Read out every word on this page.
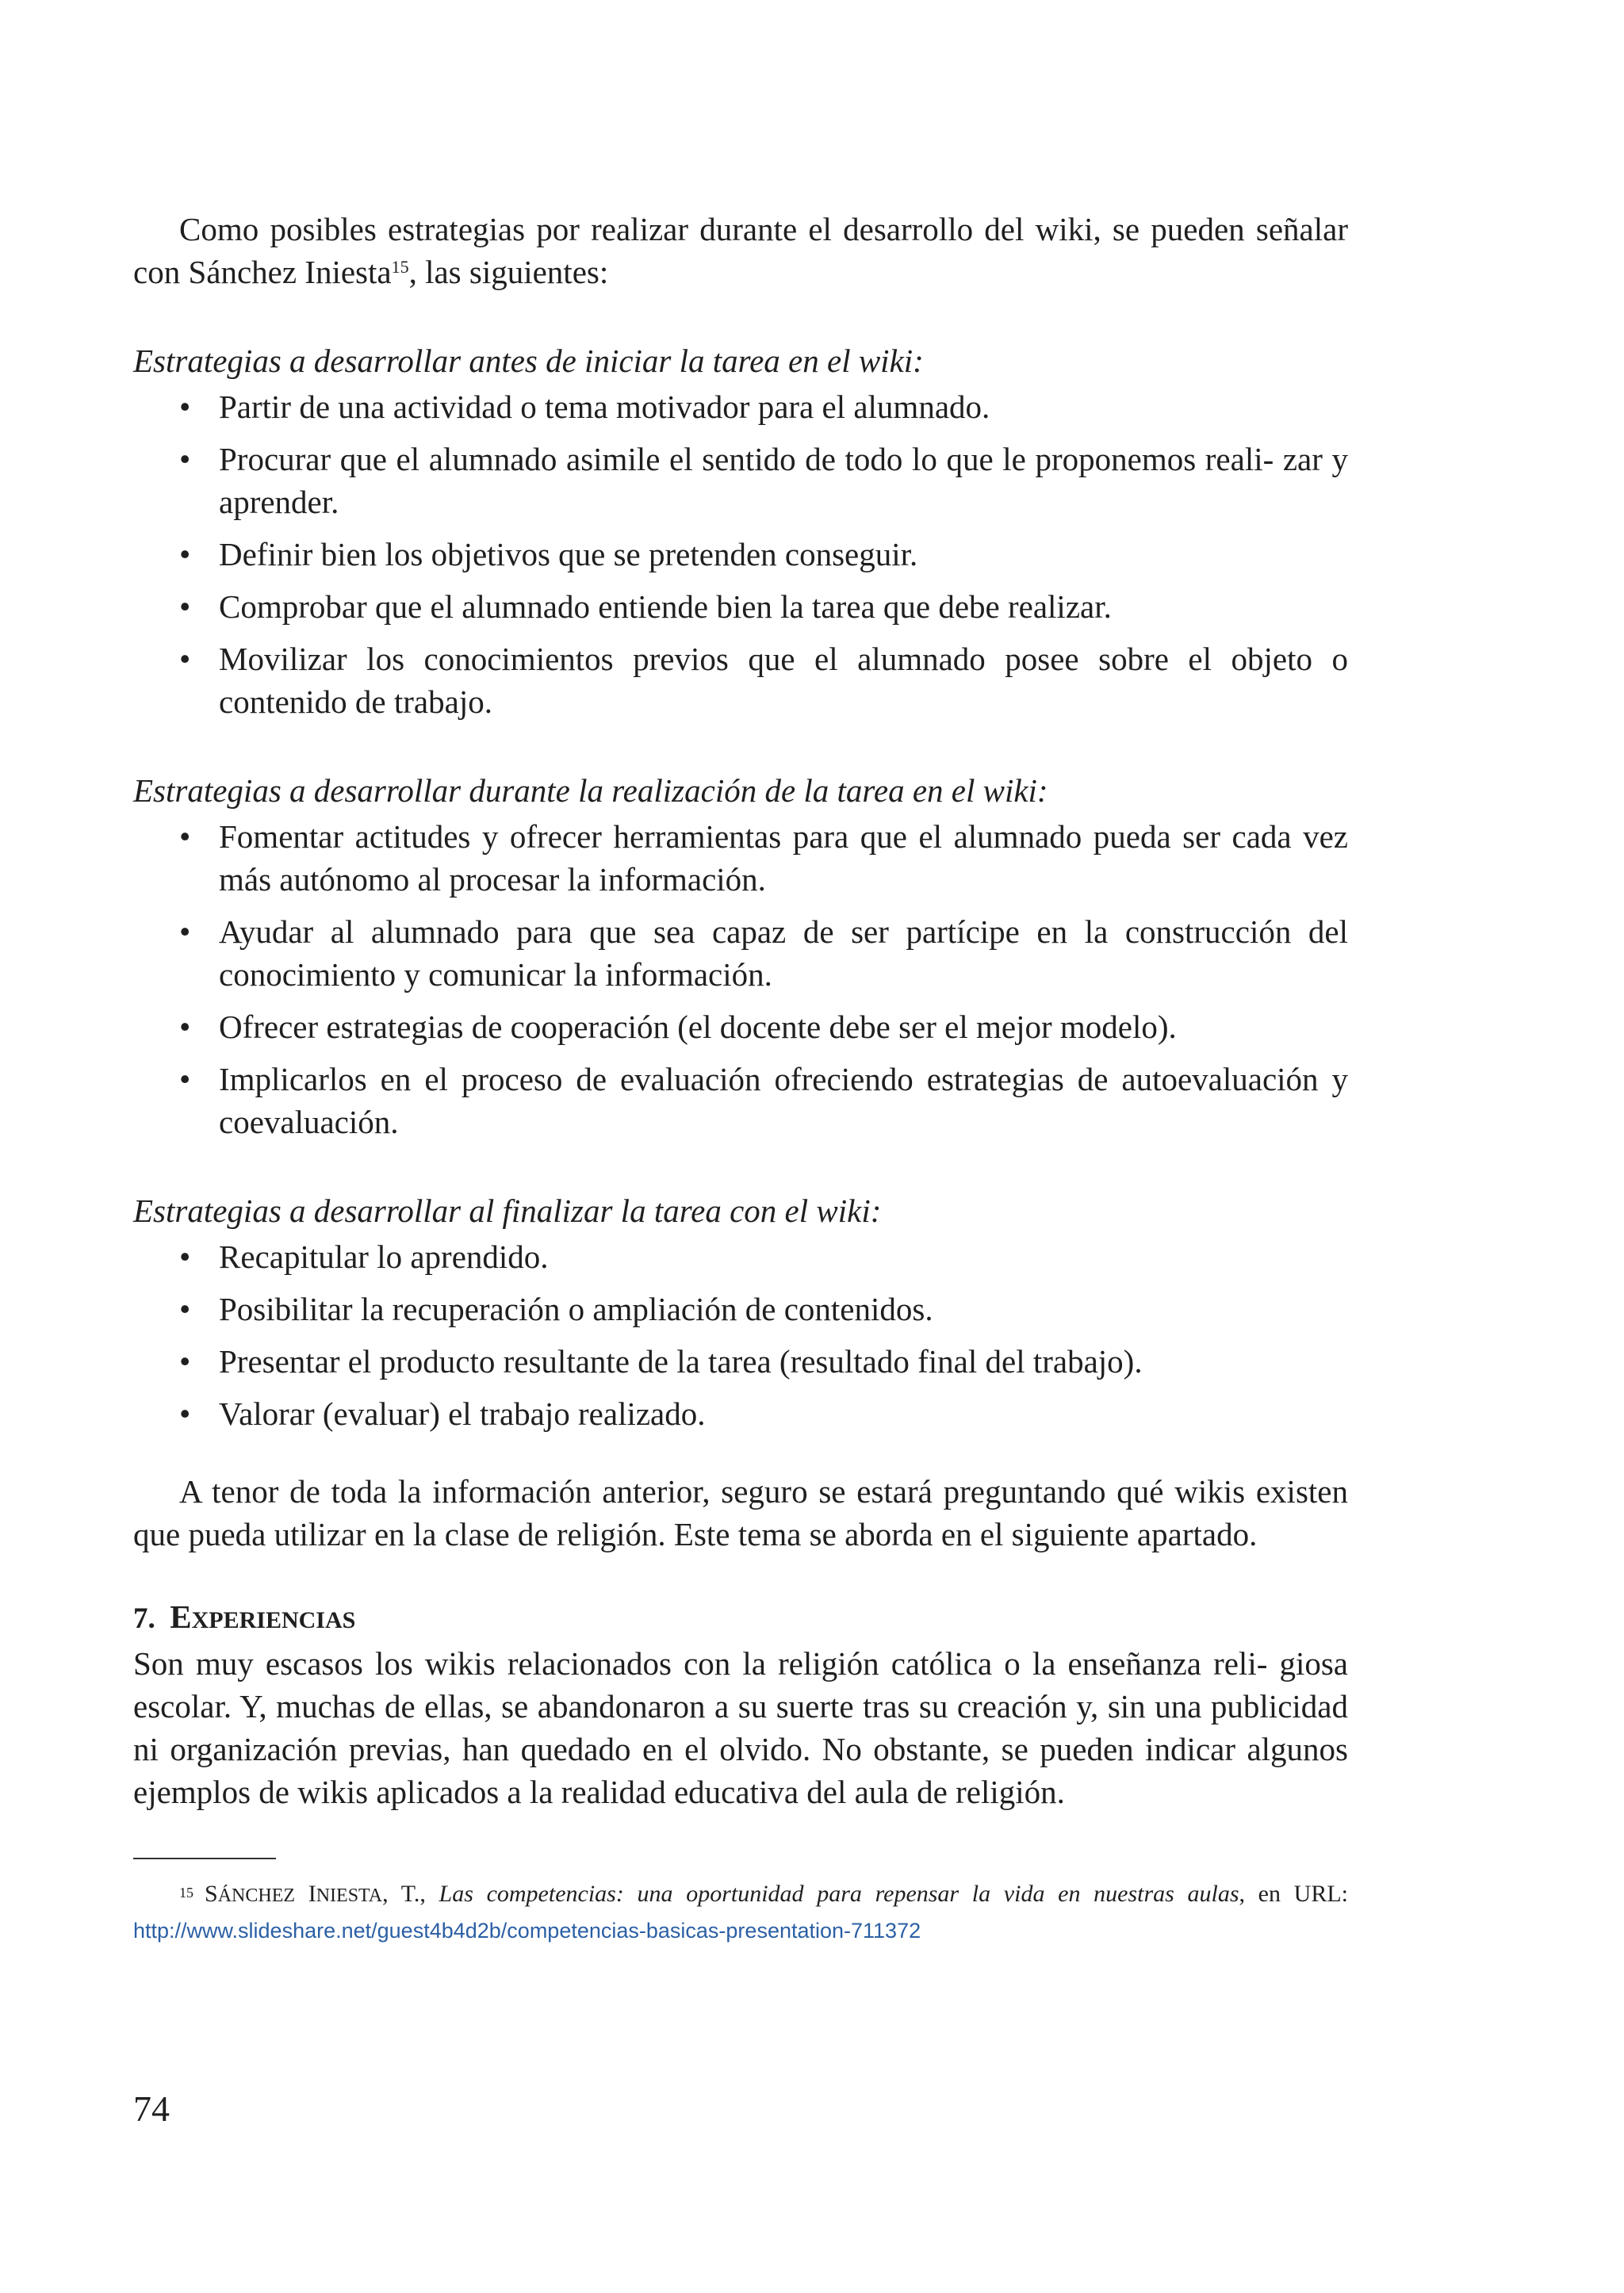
Como posibles estrategias por realizar durante el desarrollo del wiki, se pueden señalar con Sánchez Iniesta$^{15}$, las siguientes:

Estrategias a desarrollar antes de iniciar la tarea en el wiki:

• Partir de una actividad o tema motivador para el alumnado.
• Procurar que el alumnado asimile el sentido de todo lo que le proponemos reali- zar y aprender.
• Definir bien los objetivos que se pretenden conseguir.
• Comprobar que el alumnado entiende bien la tarea que debe realizar.
• Movilizar los conocimientos previos que el alumnado posee sobre el objeto o contenido de trabajo.

Estrategias a desarrollar durante la realización de la tarea en el wiki:

• Fomentar actitudes y ofrecer herramientas para que el alumnado pueda ser cada vez más autónomo al procesar la información.
• Ayudar al alumnado para que sea capaz de ser partícipe en la construcción del conocimiento y comunicar la información.
• Ofrecer estrategias de cooperación (el docente debe ser el mejor modelo).
• Implicarlos en el proceso de evaluación ofreciendo estrategias de autoevaluación y coevaluación.

Estrategias a desarrollar al finalizar la tarea con el wiki:

• Recapitular lo aprendido.
• Posibilitar la recuperación o ampliación de contenidos.
• Presentar el producto resultante de la tarea (resultado final del trabajo).
• Valorar (evaluar) el trabajo realizado.

A tenor de toda la información anterior, seguro se estará preguntando qué wikis existen que pueda utilizar en la clase de religión. Este tema se aborda en el siguiente apartado.

7. EXPERIENCIAS

Son muy escasos los wikis relacionados con la religión católica o la enseñanza reli- giosa escolar. Y, muchas de ellas, se abandonaron a su suerte tras su creación y, sin una publicidad ni organización previas, han quedado en el olvido. No obstante, se pueden indicar algunos ejemplos de wikis aplicados a la realidad educativa del aula de religión.

$^{15}$ SÁNCHEZ INIESTA, T., Las competencias: una oportunidad para repensar la vida en nuestras aulas, en URL: http://www.slideshare.net/guest4b4d2b/competencias-basicas-presentation-711372

74
